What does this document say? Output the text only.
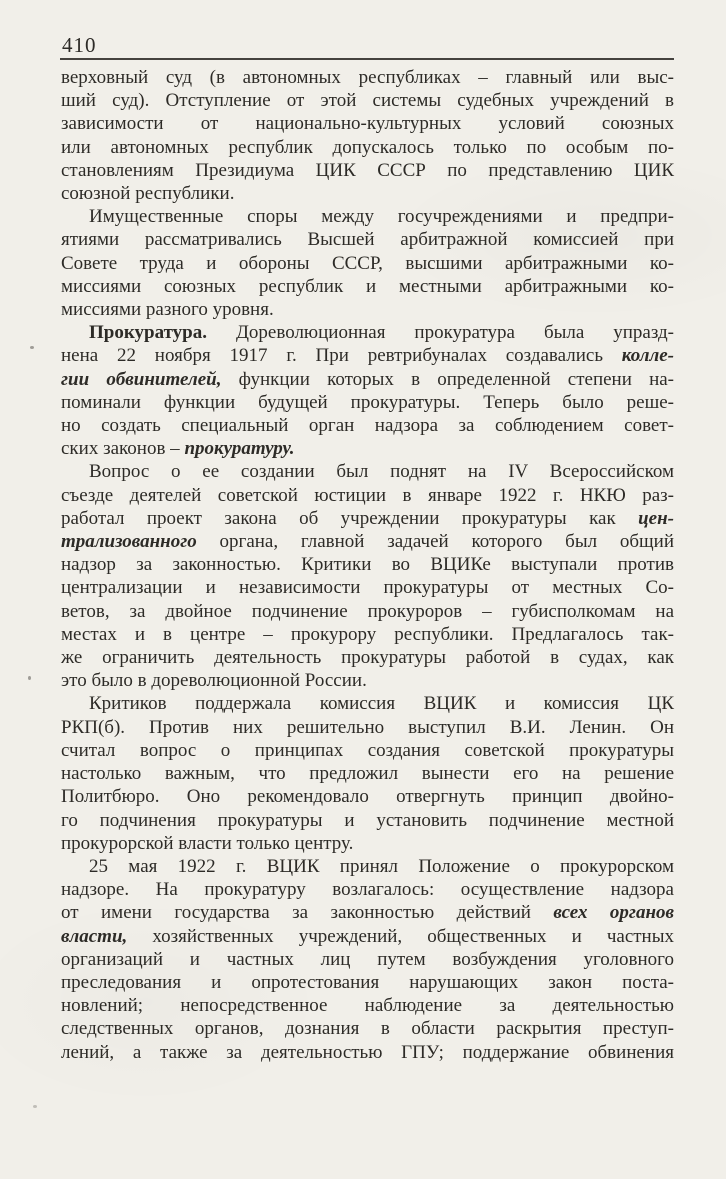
410
верховный суд (в автономных республиках – главный или выс-
ший суд). Отступление от этой системы судебных учреждений в
зависимости от национально-культурных условий союзных
или автономных республик допускалось только по особым по-
становлениям Президиума ЦИК СССР по представлению ЦИК
союзной республики.
Имущественные споры между госучреждениями и предпри-
ятиями рассматривались Высшей арбитражной комиссией при
Совете труда и обороны СССР, высшими арбитражными ко-
миссиями союзных республик и местными арбитражными ко-
миссиями разного уровня.
Прокуратура. Дореволюционная прокуратура была упразд-
нена 22 ноября 1917 г. При ревтрибуналах создавались колле-
гии обвинителей, функции которых в определенной степени на-
поминали функции будущей прокуратуры. Теперь было реше-
но создать специальный орган надзора за соблюдением совет-
ских законов – прокуратуру.
Вопрос о ее создании был поднят на IV Всероссийском
съезде деятелей советской юстиции в январе 1922 г. НКЮ раз-
работал проект закона об учреждении прокуратуры как цен-
трализованного органа, главной задачей которого был общий
надзор за законностью. Критики во ВЦИКе выступали против
централизации и независимости прокуратуры от местных Со-
ветов, за двойное подчинение прокуроров – губисполкомам на
местах и в центре – прокурору республики. Предлагалось так-
же ограничить деятельность прокуратуры работой в судах, как
это было в дореволюционной России.
Критиков поддержала комиссия ВЦИК и комиссия ЦК
РКП(б). Против них решительно выступил В.И. Ленин. Он
считал вопрос о принципах создания советской прокуратуры
настолько важным, что предложил вынести его на решение
Политбюро. Оно рекомендовало отвергнуть принцип двойно-
го подчинения прокуратуры и установить подчинение местной
прокурорской власти только центру.
25 мая 1922 г. ВЦИК принял Положение о прокурорском
надзоре. На прокуратуру возлагалось: осуществление надзора
от имени государства за законностью действий всех органов
власти, хозяйственных учреждений, общественных и частных
организаций и частных лиц путем возбуждения уголовного
преследования и опротестования нарушающих закон поста-
новлений; непосредственное наблюдение за деятельностью
следственных органов, дознания в области раскрытия преступ-
лений, а также за деятельностью ГПУ; поддержание обвинения
